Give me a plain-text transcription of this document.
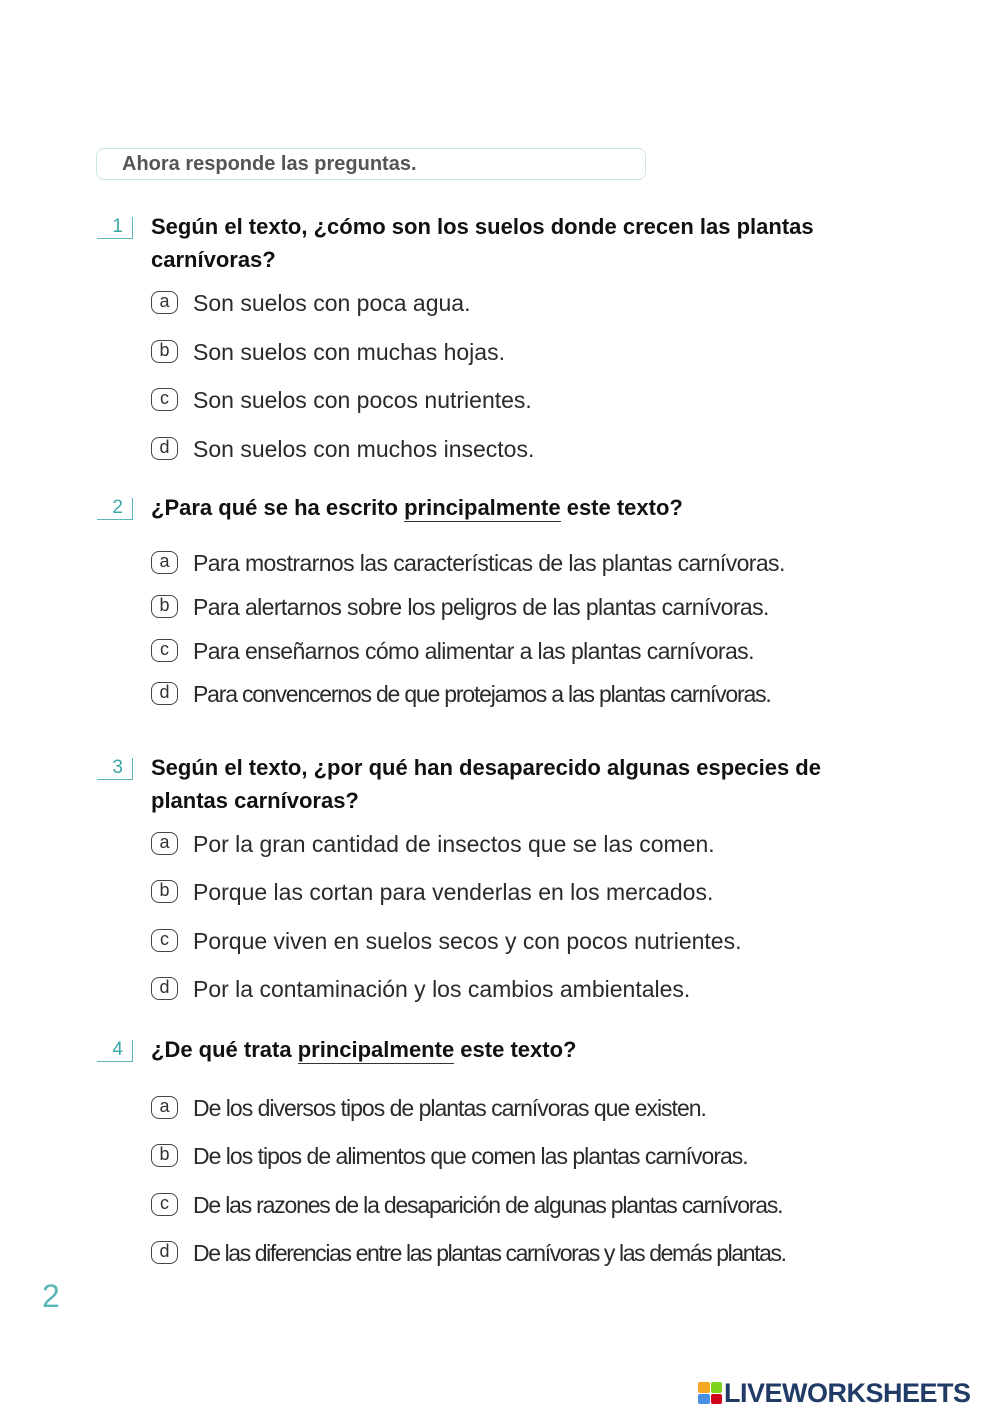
Ahora responde las preguntas.
1	Según el texto, ¿cómo son los suelos donde crecen las plantas carnívoras?
a	Son suelos con poca agua.
b	Son suelos con muchas hojas.
c	Son suelos con pocos nutrientes.
d	Son suelos con muchos insectos.
2	¿Para qué se ha escrito principalmente este texto?
a	Para mostrarnos las características de las plantas carnívoras.
b	Para alertarnos sobre los peligros de las plantas carnívoras.
c	Para enseñarnos cómo alimentar a las plantas carnívoras.
d	Para convencernos de que protejamos a las plantas carnívoras.
3	Según el texto, ¿por qué han desaparecido algunas especies de plantas carnívoras?
a	Por la gran cantidad de insectos que se las comen.
b	Porque las cortan para venderlas en los mercados.
c	Porque viven en suelos secos y con pocos nutrientes.
d	Por la contaminación y los cambios ambientales.
4	¿De qué trata principalmente este texto?
a	De los diversos tipos de plantas carnívoras que existen.
b	De los tipos de alimentos que comen las plantas carnívoras.
c	De las razones de la desaparición de algunas plantas carnívoras.
d	De las diferencias entre las plantas carnívoras y las demás plantas.
2
LIVEWORKSHEETS
